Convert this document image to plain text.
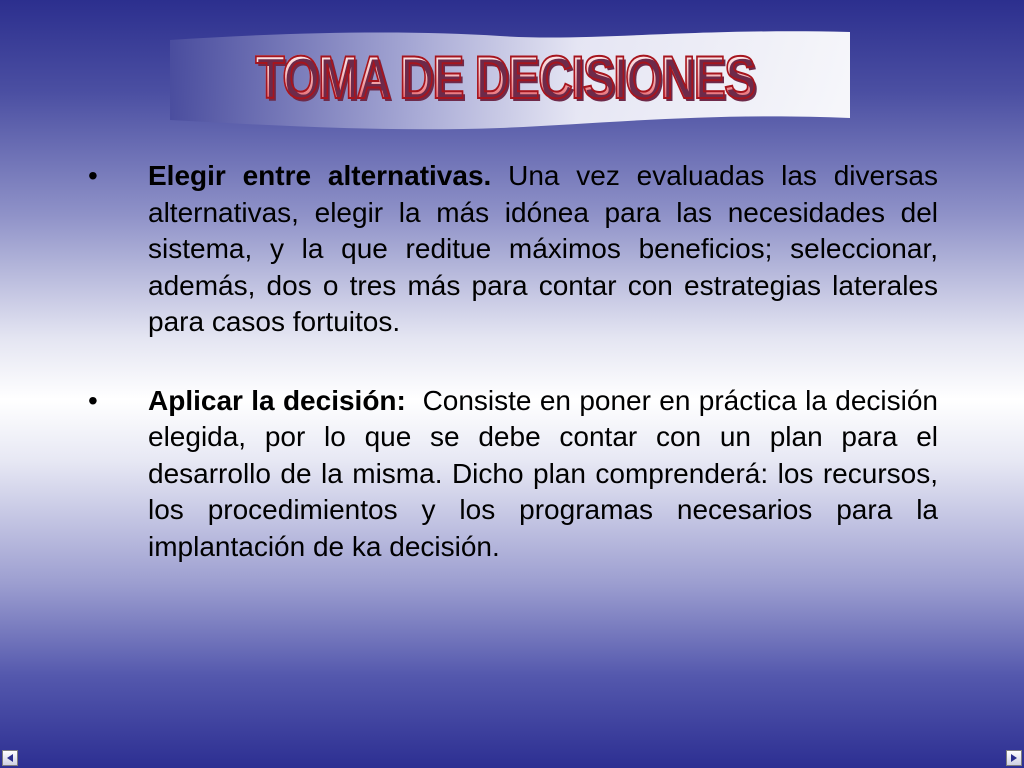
TOMA DE DECISIONES
•	Elegir entre alternativas. Una vez evaluadas las diversas alternativas, elegir la más idónea para las necesidades del sistema, y la que reditue máximos beneficios; seleccionar, además, dos o tres más para contar con estrategias laterales para casos fortuitos.
•	Aplicar la decisión: Consiste en poner en práctica la decisión elegida, por lo que se debe contar con un plan para el desarrollo de la misma. Dicho plan comprenderá: los recursos, los procedimientos y los programas necesarios para la implantación de ka decisión.
